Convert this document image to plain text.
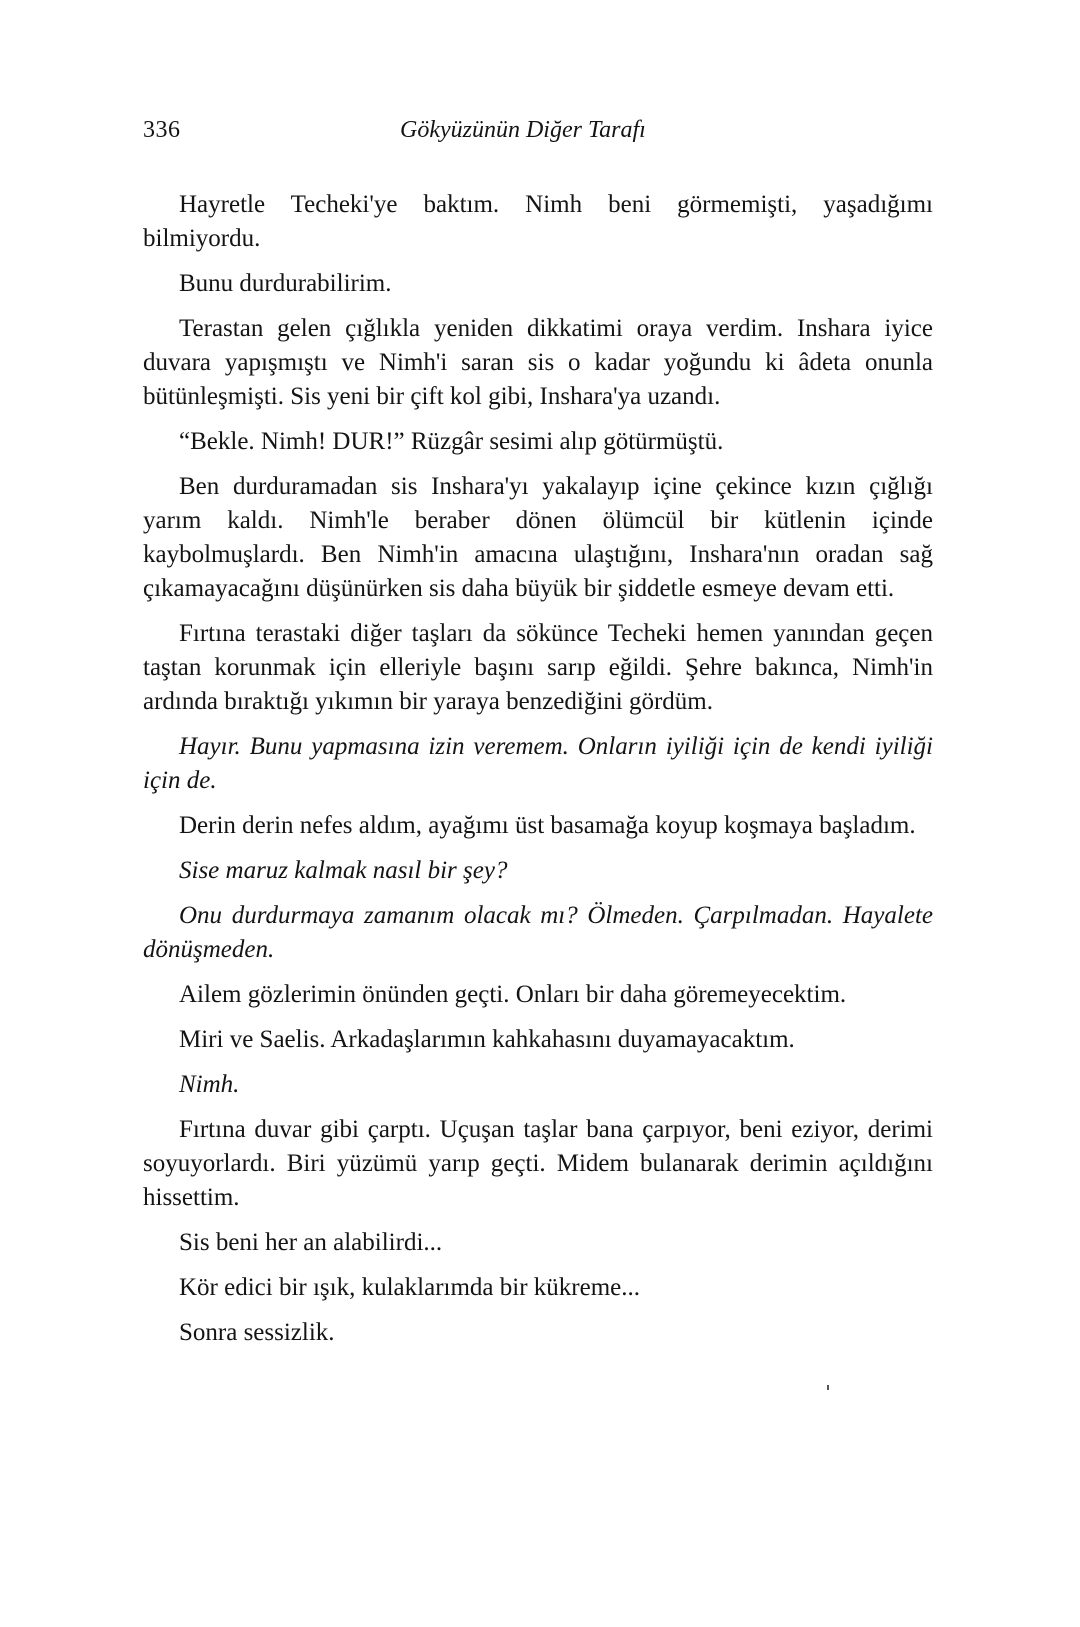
336	Gökyüzünün Diğer Tarafı

Hayretle Techeki'ye baktım. Nimh beni görmemişti, yaşadığımı bilmiyordu.

Bunu durdurabilirim.

Terastan gelen çığlıkla yeniden dikkatimi oraya verdim. Inshara iyice duvara yapışmıştı ve Nimh'i saran sis o kadar yoğundu ki âdeta onunla bütünleşmişti. Sis yeni bir çift kol gibi, Inshara'ya uzandı.

“Bekle. Nimh! DUR!” Rüzgâr sesimi alıp götürmüştü.

Ben durduramadan sis Inshara'yı yakalayıp içine çekince kızın çığlığı yarım kaldı. Nimh'le beraber dönen ölümcül bir kütlenin içinde kaybolmuşlardı. Ben Nimh'in amacına ulaştığını, Inshara'nın oradan sağ çıkamayacağını düşünürken sis daha büyük bir şiddetle esmeye devam etti.

Fırtına terastaki diğer taşları da sökünce Techeki hemen yanından geçen taştan korunmak için elleriyle başını sarıp eğildi. Şehre bakınca, Nimh'in ardında bıraktığı yıkımın bir yaraya benzediğini gördüm.

Hayır. Bunu yapmasına izin veremem. Onların iyiliği için de kendi iyiliği için de.

Derin derin nefes aldım, ayağımı üst basamağa koyup koşmaya başladım.

Sise maruz kalmak nasıl bir şey?

Onu durdurmaya zamanım olacak mı? Ölmeden. Çarpılmadan. Hayalete dönüşmeden.

Ailem gözlerimin önünden geçti. Onları bir daha göremeyecektim.

Miri ve Saelis. Arkadaşlarımın kahkahasını duyamayacaktım.

Nimh.

Fırtına duvar gibi çarptı. Uçuşan taşlar bana çarpıyor, beni eziyor, derimi soyuyorlardı. Biri yüzümü yarıp geçti. Midem bulanarak derimin açıldığını hissettim.

Sis beni her an alabilirdi...

Kör edici bir ışık, kulaklarımda bir kükreme...

Sonra sessizlik.
